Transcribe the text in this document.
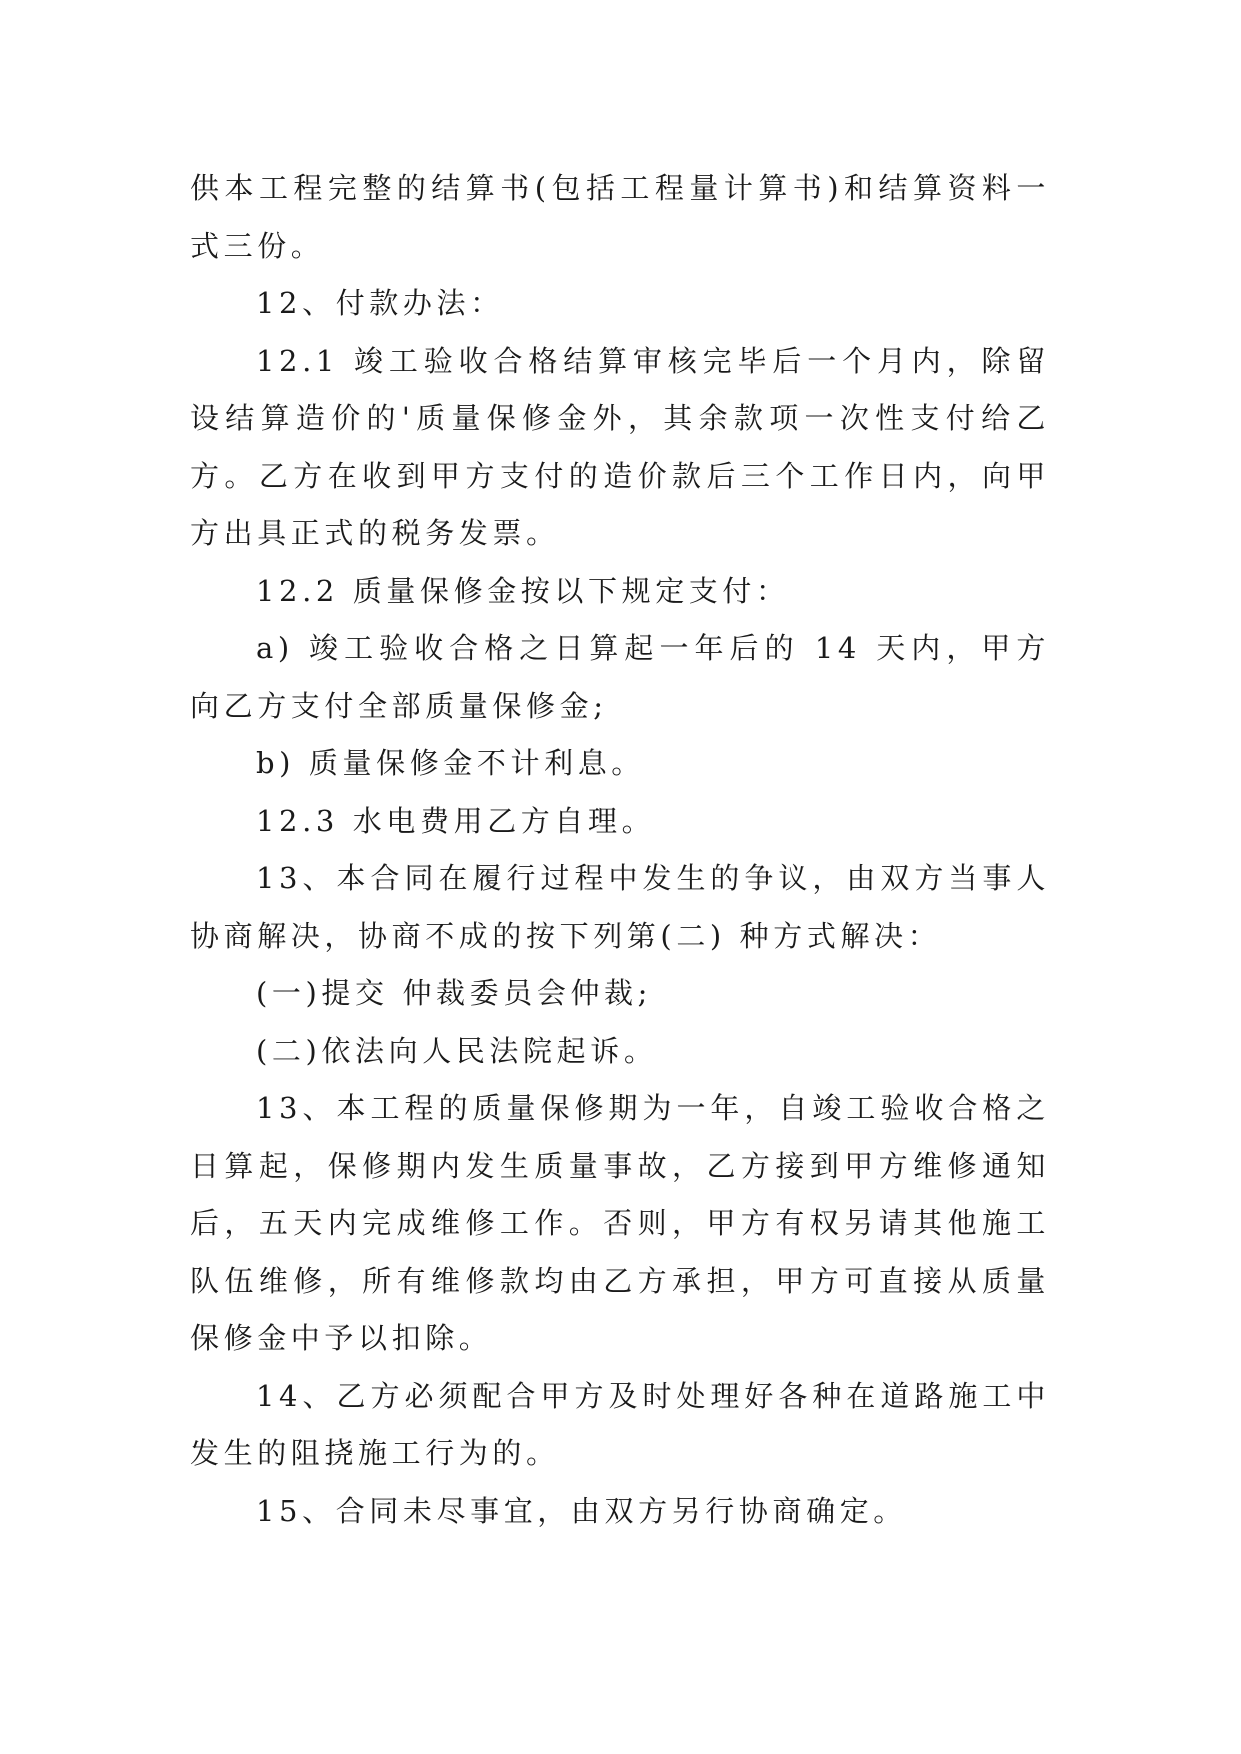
供本工程完整的结算书(包括工程量计算书)和结算资料一式三份。

12、付款办法：

12.1 竣工验收合格结算审核完毕后一个月内，除留设结算造价的'质量保修金外，其余款项一次性支付给乙方。乙方在收到甲方支付的造价款后三个工作日内，向甲方出具正式的税务发票。

12.2 质量保修金按以下规定支付：

a) 竣工验收合格之日算起一年后的 14 天内，甲方向乙方支付全部质量保修金;

b) 质量保修金不计利息。

12.3 水电费用乙方自理。

13、本合同在履行过程中发生的争议，由双方当事人协商解决，协商不成的按下列第(二) 种方式解决：

(一)提交 仲裁委员会仲裁;

(二)依法向人民法院起诉。

13、本工程的质量保修期为一年，自竣工验收合格之日算起，保修期内发生质量事故，乙方接到甲方维修通知后，五天内完成维修工作。否则，甲方有权另请其他施工队伍维修，所有维修款均由乙方承担，甲方可直接从质量保修金中予以扣除。

14、乙方必须配合甲方及时处理好各种在道路施工中发生的阻挠施工行为的。

15、合同未尽事宜，由双方另行协商确定。
